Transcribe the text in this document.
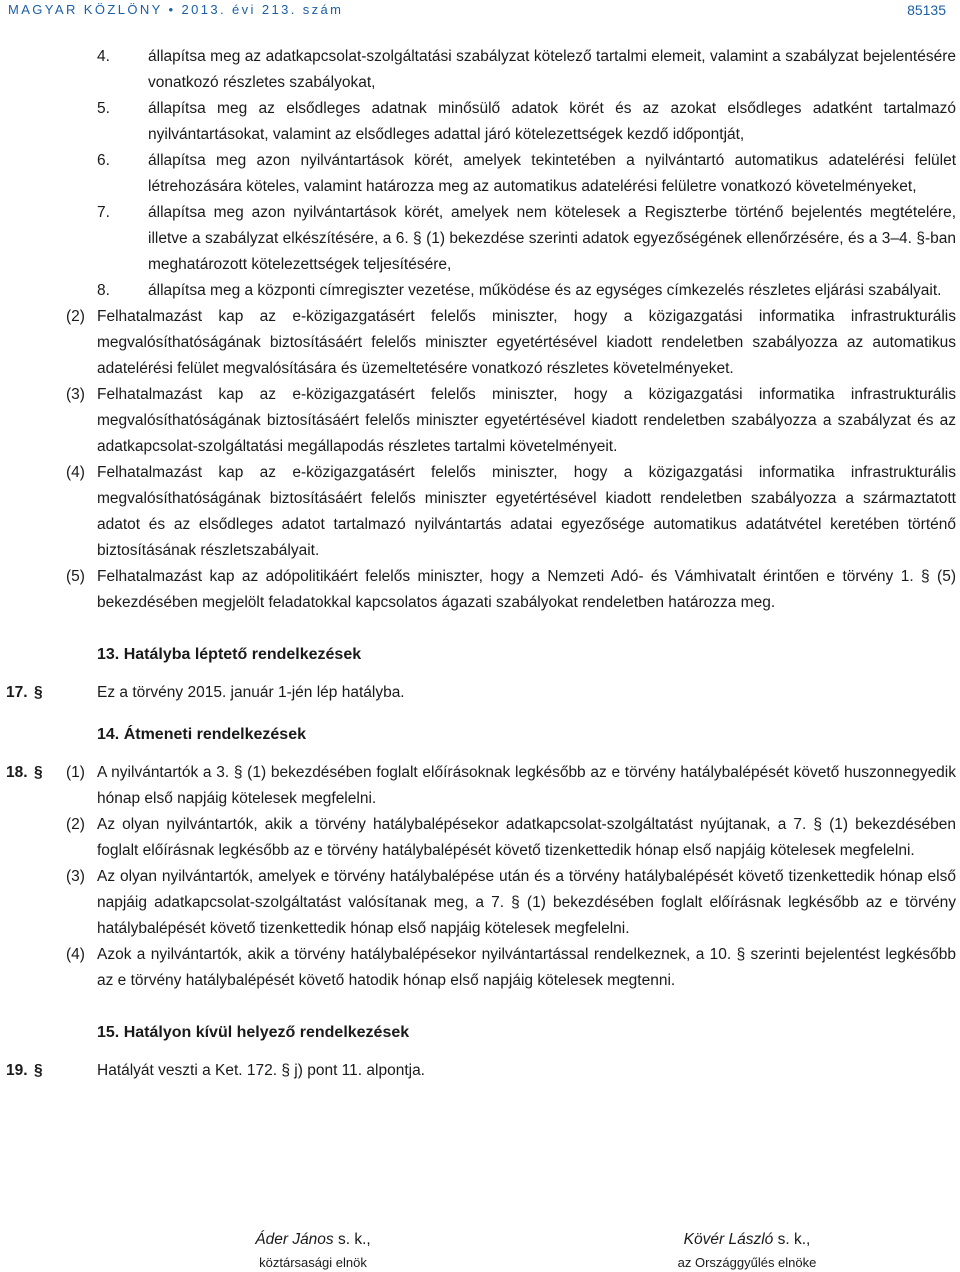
MAGYAR KÖZLÖNY • 2013. évi 213. szám	85135
4. állapítsa meg az adatkapcsolat-szolgáltatási szabályzat kötelező tartalmi elemeit, valamint a szabályzat bejelentésére vonatkozó részletes szabályokat,
5. állapítsa meg az elsődleges adatnak minősülő adatok körét és az azokat elsődleges adatként tartalmazó nyilvántartásokat, valamint az elsődleges adattal járó kötelezettségek kezdő időpontját,
6. állapítsa meg azon nyilvántartások körét, amelyek tekintetében a nyilvántartó automatikus adatelérési felület létrehozására köteles, valamint határozza meg az automatikus adatelérési felületre vonatkozó követelményeket,
7. állapítsa meg azon nyilvántartások körét, amelyek nem kötelesek a Regiszterbe történő bejelentés megtételére, illetve a szabályzat elkészítésére, a 6. § (1) bekezdése szerinti adatok egyezőségének ellenőrzésére, és a 3–4. §-ban meghatározott kötelezettségek teljesítésére,
8. állapítsa meg a központi címregiszter vezetése, működése és az egységes címkezelés részletes eljárási szabályait.
(2) Felhatalmazást kap az e-közigazgatásért felelős miniszter, hogy a közigazgatási informatika infrastrukturális megvalósíthatóságának biztosításáért felelős miniszter egyetértésével kiadott rendeletben szabályozza az automatikus adatelérési felület megvalósítására és üzemeltetésére vonatkozó részletes követelményeket.
(3) Felhatalmazást kap az e-közigazgatásért felelős miniszter, hogy a közigazgatási informatika infrastrukturális megvalósíthatóságának biztosításáért felelős miniszter egyetértésével kiadott rendeletben szabályozza a szabályzat és az adatkapcsolat-szolgáltatási megállapodás részletes tartalmi követelményeit.
(4) Felhatalmazást kap az e-közigazgatásért felelős miniszter, hogy a közigazgatási informatika infrastrukturális megvalósíthatóságának biztosításáért felelős miniszter egyetértésével kiadott rendeletben szabályozza a származtatott adatot és az elsődleges adatot tartalmazó nyilvántartás adatai egyezősége automatikus adatátvétel keretében történő biztosításának részletszabályait.
(5) Felhatalmazást kap az adópolitikáért felelős miniszter, hogy a Nemzeti Adó- és Vámhivatalt érintően e törvény 1. § (5) bekezdésében megjelölt feladatokkal kapcsolatos ágazati szabályokat rendeletben határozza meg.
13. Hatályba léptető rendelkezések
17. §	Ez a törvény 2015. január 1-jén lép hatályba.
14. Átmeneti rendelkezések
18. § (1) A nyilvántartók a 3. § (1) bekezdésében foglalt előírásoknak legkésőbb az e törvény hatálybalépését követő huszonnegyedik hónap első napjáig kötelesek megfelelni.
(2) Az olyan nyilvántartók, akik a törvény hatálybalépésekor adatkapcsolat-szolgáltatást nyújtanak, a 7. § (1) bekezdésében foglalt előírásnak legkésőbb az e törvény hatálybalépését követő tizenkettedik hónap első napjáig kötelesek megfelelni.
(3) Az olyan nyilvántartók, amelyek e törvény hatálybalépése után és a törvény hatálybalépését követő tizenkettedik hónap első napjáig adatkapcsolat-szolgáltatást valósítanak meg, a 7. § (1) bekezdésében foglalt előírásnak legkésőbb az e törvény hatálybalépését követő tizenkettedik hónap első napjáig kötelesek megfelelni.
(4) Azok a nyilvántartók, akik a törvény hatálybalépésekor nyilvántartással rendelkeznek, a 10. § szerinti bejelentést legkésőbb az e törvény hatálybalépését követő hatodik hónap első napjáig kötelesek megtenni.
15. Hatályon kívül helyező rendelkezések
19. §	Hatályát veszti a Ket. 172. § j) pont 11. alpontja.
Áder János s. k.,
köztársasági elnök
Kövér László s. k.,
az Országgyűlés elnöke
